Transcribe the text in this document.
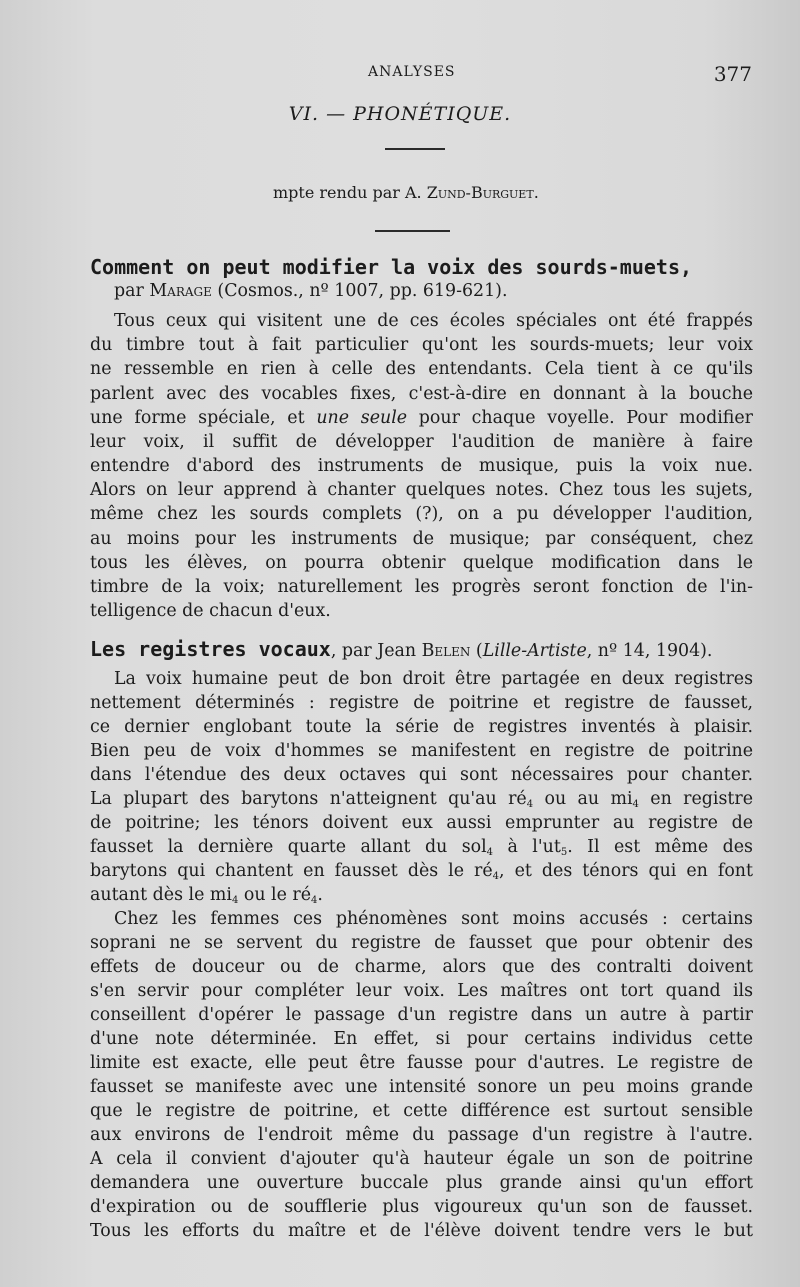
ANALYSES	377
VI. — PHONÉTIQUE.
mpte rendu par A. Zund-Burguet.
Comment on peut modifier la voix des sourds-muets,
par Marage (Cosmos., nº 1007, pp. 619-621).
Tous ceux qui visitent une de ces écoles spéciales ont été frappés
du timbre tout à fait particulier qu'ont les sourds-muets; leur voix
ne ressemble en rien à celle des entendants. Cela tient à ce qu'ils
parlent avec des vocables fixes, c'est-à-dire en donnant à la bouche
une forme spéciale, et une seule pour chaque voyelle. Pour modifier
leur voix, il suffit de développer l'audition de manière à faire
entendre d'abord des instruments de musique, puis la voix nue.
Alors on leur apprend à chanter quelques notes. Chez tous les sujets,
même chez les sourds complets (?), on a pu développer l'audition,
au moins pour les instruments de musique; par conséquent, chez
tous les élèves, on pourra obtenir quelque modification dans le
timbre de la voix; naturellement les progrès seront fonction de l'in-
telligence de chacun d'eux.
Les registres vocaux, par Jean Belen (Lille-Artiste, nº 14, 1904).
La voix humaine peut de bon droit être partagée en deux registres
nettement déterminés : registre de poitrine et registre de fausset,
ce dernier englobant toute la série de registres inventés à plaisir.
Bien peu de voix d'hommes se manifestent en registre de poitrine
dans l'étendue des deux octaves qui sont nécessaires pour chanter.
La plupart des barytons n'atteignent qu'au $ré_4$ ou au $mi_4$ en registre
de poitrine; les ténors doivent eux aussi emprunter au registre de
fausset la dernière quarte allant du sol$_4$ à $l'ut_5$. Il est même des
barytons qui chantent en fausset dès le $ré_4$, et des ténors qui en font
autant dès le $mi_4$ ou le $ré_4$.
Chez les femmes ces phénomènes sont moins accusés : certains
soprani ne se servent du registre de fausset que pour obtenir des
effets de douceur ou de charme, alors que des contralti doivent
s'en servir pour compléter leur voix. Les maîtres ont tort quand ils
conseillent d'opérer le passage d'un registre dans un autre à partir
d'une note déterminée. En effet, si pour certains individus cette
limite est exacte, elle peut être fausse pour d'autres. Le registre de
fausset se manifeste avec une intensité sonore un peu moins grande
que le registre de poitrine, et cette différence est surtout sensible
aux environs de l'endroit même du passage d'un registre à l'autre.
A cela il convient d'ajouter qu'à hauteur égale un son de poitrine
demandera une ouverture buccale plus grande ainsi qu'un effort
d'expiration ou de soufflerie plus vigoureux qu'un son de fausset.
Tous les efforts du maître et de l'élève doivent tendre vers le but
